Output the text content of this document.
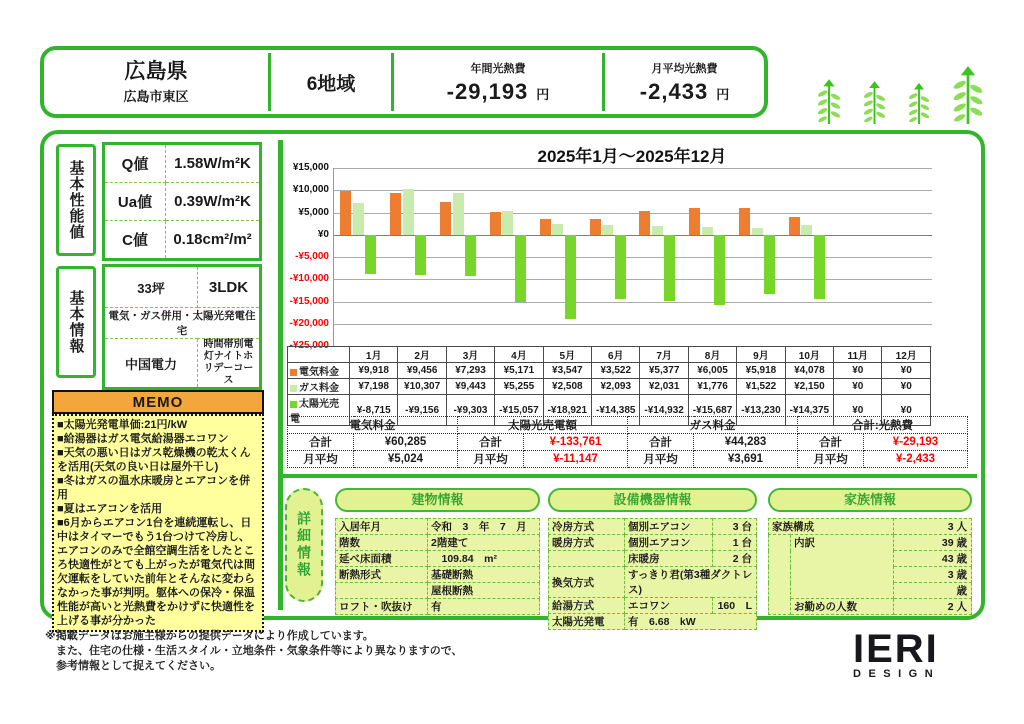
広島県
広島市東区
6地域
年間光熱費
-29,193 円
月平均光熱費
-2,433 円
基本性能値	Q値	1.58W/m²K
Ua値	0.39W/m²K
C値	0.18cm²/m²
基本情報
33坪	3LDK
電気・ガス併用・太陽光発電住宅	
中国電力	時間帯別電灯ナイトホリデーコース
MEMO
■太陽光発電単価:21円/kW
■給湯器はガス電気給湯器エコワン
■天気の悪い日はガス乾燥機の乾太くんを活用(天気の良い日は屋外干し)
■冬はガスの温水床暖房とエアコンを併用
■夏はエアコンを活用
■6月からエアコン1台を連続運転し、日中はタイマーでもう1台つけて冷房し、エアコンのみで全館空調生活をしたところ快適性がとても上がったが電気代は間欠運転をしていた前年とそんなに変わらなかった事が判明。躯体への保冷・保温性能が高いと光熱費をかけずに快適性を上げる事が分かった
2025年1月～2025年12月
¥15,000
¥10,000
¥5,000
¥0
-¥5,000
-¥10,000
-¥15,000
-¥20,000
-¥25,000
	1月	2月	3月	4月	5月	6月	7月	8月	9月	10月	11月	12月
電気料金	¥9,918	¥9,456	¥7,293	¥5,171	¥3,547	¥3,522	¥5,377	¥6,005	¥5,918	¥4,078	¥0	¥0
ガス料金	¥7,198	¥10,307	¥9,443	¥5,255	¥2,508	¥2,093	¥2,031	¥1,776	¥1,522	¥2,150	¥0	¥0
太陽光売電	¥-8,715	-¥9,156	-¥9,303	-¥15,057	-¥18,921	-¥14,385	-¥14,932	-¥15,687	-¥13,230	-¥14,375	¥0	¥0
電気料金		太陽光売電額		ガス料金		合計:光熱費	
合計	¥60,285	合計	¥-133,761	合計	¥44,283	合計	¥-29,193
月平均	¥5,024	月平均	¥-11,147	月平均	¥3,691	月平均	¥-2,433
詳細情報
建物情報	設備機器情報	家族情報
入居年月	令和　3　年　7　月
階数	2階建て
延べ床面積	　109.84　m²
断熱形式	基礎断熱
	屋根断熱
ロフト・吹抜け	有
冷房方式	個別エアコン	3 台
暖房方式	個別エアコン	1 台
	床暖房	2 台
換気方式	すっきり君(第3種ダクトレス)	
給湯方式	エコワン	160　L
太陽光発電	有　6.68　kW	
家族構成		3 人
	内訳	39 歳
		43 歳
		3 歳
		歳
	お勤めの人数	2 人
※掲載データはお施主様からの提供データにより作成しています。
　また、住宅の仕様・生活スタイル・立地条件・気象条件等により異なりますので、
　参考情報として捉えてください。	IERI
DESIGN
